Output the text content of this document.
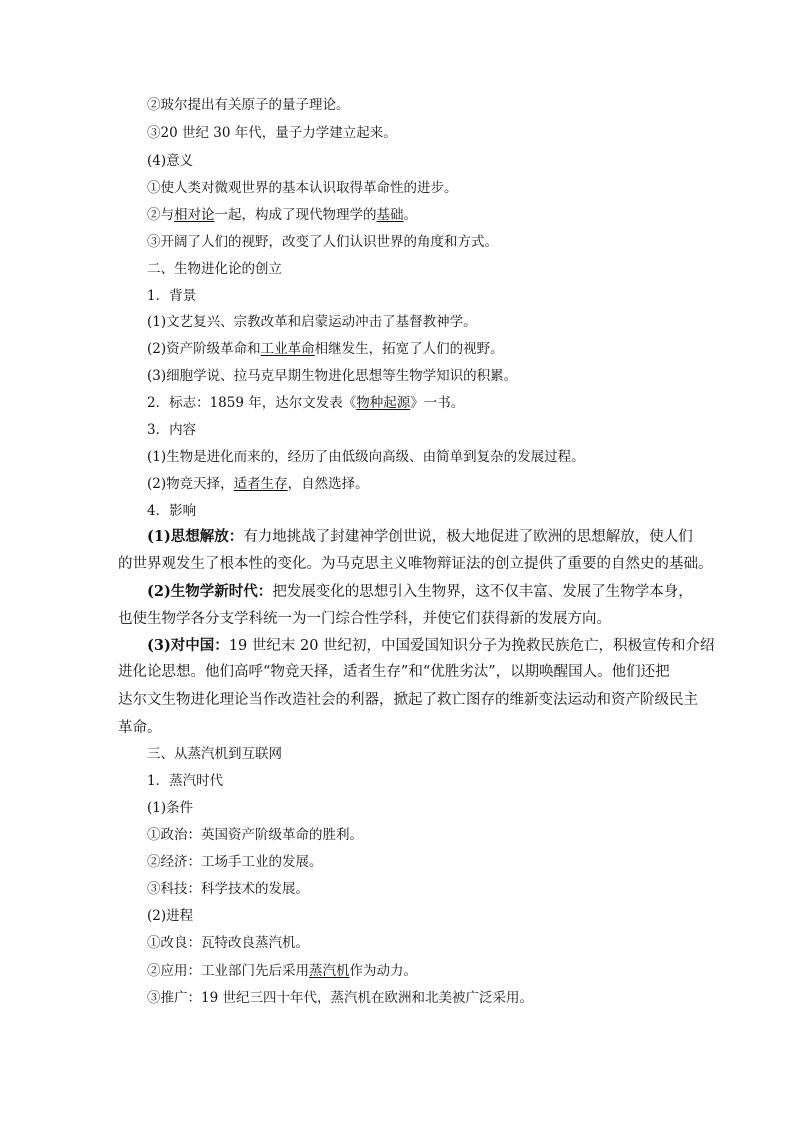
②玻尔提出有关原子的量子理论。
③20 世纪 30 年代，量子力学建立起来。
(4)意义
①使人类对微观世界的基本认识取得革命性的进步。
②与相对论一起，构成了现代物理学的基础。
③开阔了人们的视野，改变了人们认识世界的角度和方式。
二、生物进化论的创立
1．背景
(1)文艺复兴、宗教改革和启蒙运动冲击了基督教神学。
(2)资产阶级革命和工业革命相继发生，拓宽了人们的视野。
(3)细胞学说、拉马克早期生物进化思想等生物学知识的积累。
2．标志：1859 年，达尔文发表《物种起源》一书。
3．内容
(1)生物是进化而来的，经历了由低级向高级、由简单到复杂的发展过程。
(2)物竞天择，适者生存，自然选择。
4．影响
(1)思想解放：有力地挑战了封建神学创世说，极大地促进了欧洲的思想解放，使人们
的世界观发生了根本性的变化。为马克思主义唯物辩证法的创立提供了重要的自然史的基础。
(2)生物学新时代：把发展变化的思想引入生物界，这不仅丰富、发展了生物学本身，
也使生物学各分支学科统一为一门综合性学科，并使它们获得新的发展方向。
(3)对中国：19 世纪末 20 世纪初，中国爱国知识分子为挽救民族危亡，积极宣传和介绍
进化论思想。他们高呼“物竞天择，适者生存”和“优胜劣汰”，以期唤醒国人。他们还把
达尔文生物进化理论当作改造社会的利器，掀起了救亡图存的维新变法运动和资产阶级民主
革命。
三、从蒸汽机到互联网
1．蒸汽时代
(1)条件
①政治：英国资产阶级革命的胜利。
②经济：工场手工业的发展。
③科技：科学技术的发展。
(2)进程
①改良：瓦特改良蒸汽机。
②应用：工业部门先后采用蒸汽机作为动力。
③推广：19 世纪三四十年代，蒸汽机在欧洲和北美被广泛采用。
